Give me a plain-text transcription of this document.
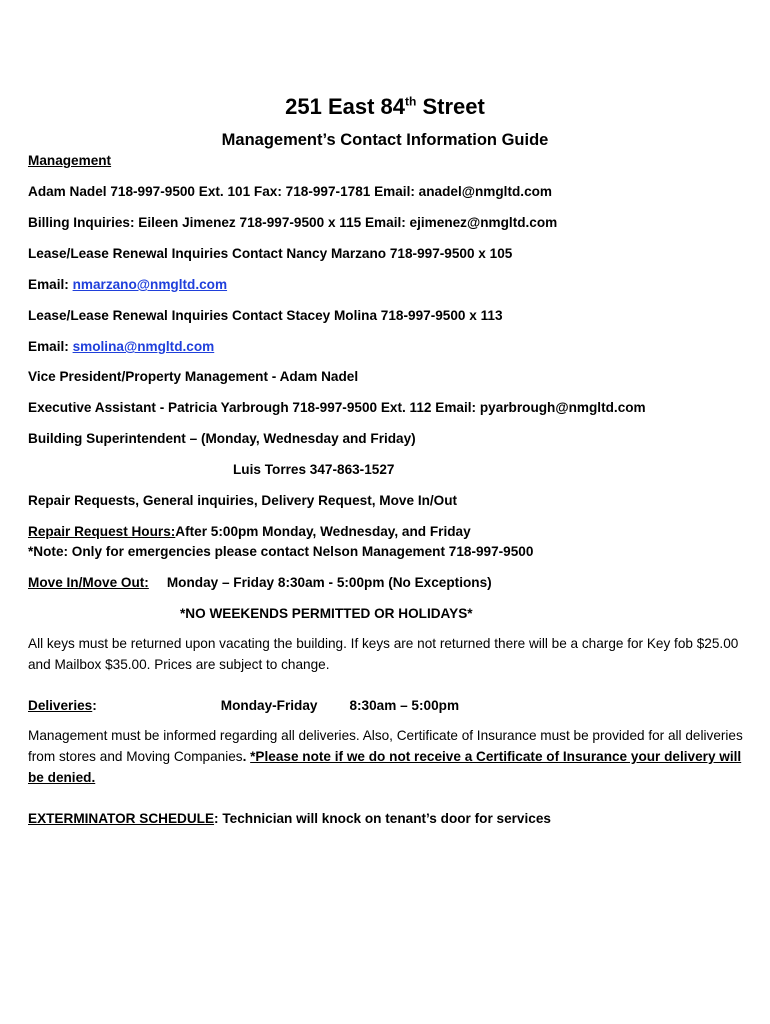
251 East 84th Street
Management’s Contact Information Guide

Management

Adam Nadel 718-997-9500 Ext. 101 Fax: 718-997-1781 Email: anadel@nmgltd.com

Billing Inquiries: Eileen Jimenez 718-997-9500 x 115 Email: ejimenez@nmgltd.com

Lease/Lease Renewal Inquiries Contact Nancy Marzano 718-997-9500 x 105

Email: nmarzano@nmgltd.com

Lease/Lease Renewal Inquiries Contact Stacey Molina 718-997-9500 x 113

Email: smolina@nmgltd.com

Vice President/Property Management - Adam Nadel

Executive Assistant - Patricia Yarbrough 718-997-9500 Ext. 112 Email: pyarbrough@nmgltd.com

Building Superintendent – (Monday, Wednesday and Friday)

Luis Torres 347-863-1527

Repair Requests, General inquiries, Delivery Request, Move In/Out

Repair Request Hours:After 5:00pm Monday, Wednesday, and Friday

*Note: Only for emergencies please contact Nelson Management 718-997-9500

Move In/Move Out: Monday – Friday 8:30am - 5:00pm (No Exceptions)

*NO WEEKENDS PERMITTED OR HOLIDAYS*

All keys must be returned upon vacating the building. If keys are not returned there will be a charge for Key fob $25.00 and Mailbox $35.00. Prices are subject to change.

Deliveries:	Monday-Friday 8:30am – 5:00pm

Management must be informed regarding all deliveries. Also, Certificate of Insurance must be provided for all deliveries from stores and Moving Companies. *Please note if we do not receive a Certificate of Insurance your delivery will be denied.

EXTERMINATOR SCHEDULE: Technician will knock on tenant’s door for services
